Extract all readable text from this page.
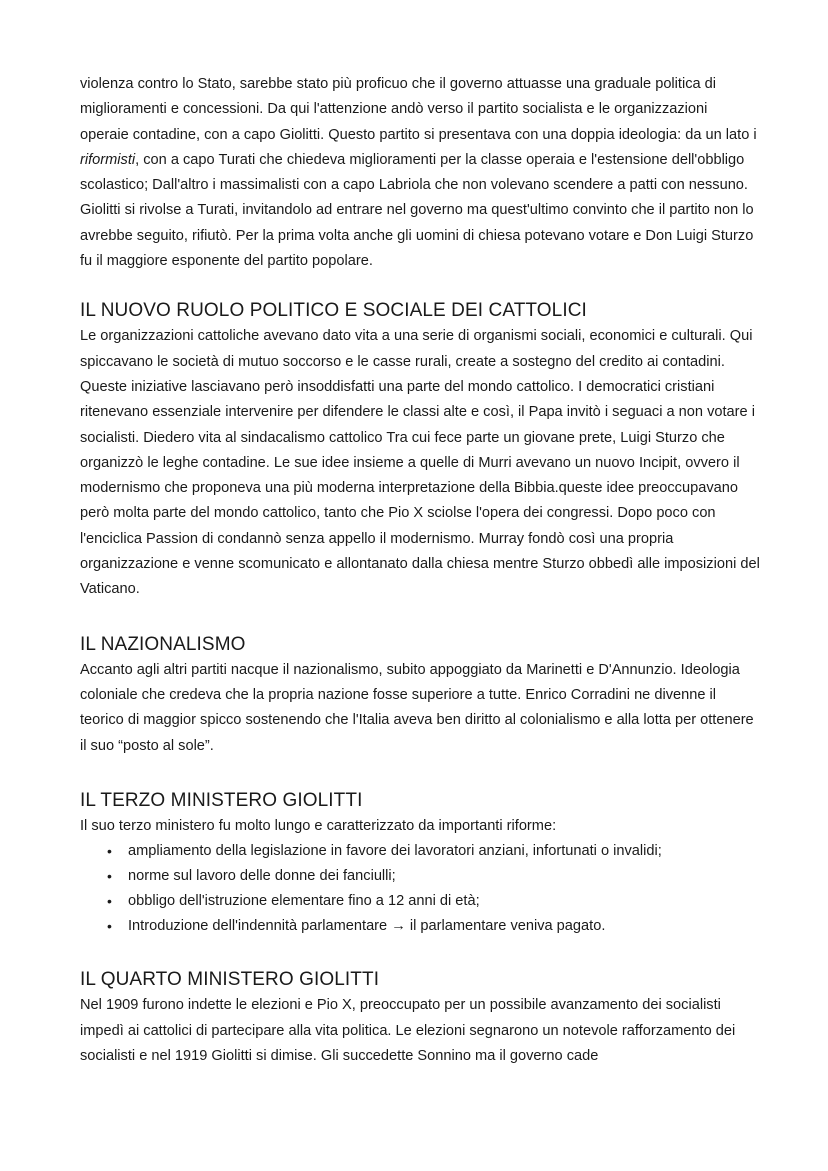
violenza contro lo Stato, sarebbe stato più proficuo che il governo attuasse una graduale politica di miglioramenti e concessioni. Da qui l'attenzione andò verso il partito socialista e le organizzazioni operaie contadine, con a capo Giolitti. Questo partito si presentava con una doppia ideologia: da un lato i riformisti, con a capo Turati che chiedeva miglioramenti per la classe operaia e l'estensione dell'obbligo scolastico; Dall'altro i massimalisti con a capo Labriola che non volevano scendere a patti con nessuno. Giolitti si rivolse a Turati, invitandolo ad entrare nel governo ma quest'ultimo convinto che il partito non lo avrebbe seguito, rifiutò. Per la prima volta anche gli uomini di chiesa potevano votare e Don Luigi Sturzo fu il maggiore esponente del partito popolare.

IL NUOVO RUOLO POLITICO E SOCIALE DEI CATTOLICI

Le organizzazioni cattoliche avevano dato vita a una serie di organismi sociali, economici e culturali. Qui spiccavano le società di mutuo soccorso e le casse rurali, create a sostegno del credito ai contadini. Queste iniziative lasciavano però insoddisfatti una parte del mondo cattolico. I democratici cristiani ritenevano essenziale intervenire per difendere le classi alte e così, il Papa invitò i seguaci a non votare i socialisti. Diedero vita al sindacalismo cattolico Tra cui fece parte un giovane prete, Luigi Sturzo che organizzò le leghe contadine. Le sue idee insieme a quelle di Murri avevano un nuovo Incipit, ovvero il modernismo che proponeva una più moderna interpretazione della Bibbia.queste idee preoccupavano però molta parte del mondo cattolico, tanto che Pio X sciolse l'opera dei congressi. Dopo poco con l'enciclica Passion di condannò senza appello il modernismo. Murray fondò così una propria organizzazione e venne scomunicato e allontanato dalla chiesa mentre Sturzo obbedì alle imposizioni del Vaticano.

IL NAZIONALISMO

Accanto agli altri partiti nacque il nazionalismo, subito appoggiato da Marinetti e D'Annunzio. Ideologia coloniale che credeva che la propria nazione fosse superiore a tutte. Enrico Corradini ne divenne il teorico di maggior spicco sostenendo che l'Italia aveva ben diritto al colonialismo e alla lotta per ottenere il suo “posto al sole”.

IL TERZO MINISTERO GIOLITTI

Il suo terzo ministero fu molto lungo e caratterizzato da importanti riforme:

• ampliamento della legislazione in favore dei lavoratori anziani, infortunati o invalidi;
• norme sul lavoro delle donne dei fanciulli;
• obbligo dell'istruzione elementare fino a 12 anni di età;
• Introduzione dell'indennità parlamentare → il parlamentare veniva pagato.
IL QUARTO MINISTERO GIOLITTI

Nel 1909 furono indette le elezioni e Pio X, preoccupato per un possibile avanzamento dei socialisti impedì ai cattolici di partecipare alla vita politica. Le elezioni segnarono un notevole rafforzamento dei socialisti e nel 1919 Giolitti si dimise. Gli succedette Sonnino ma il governo cade
